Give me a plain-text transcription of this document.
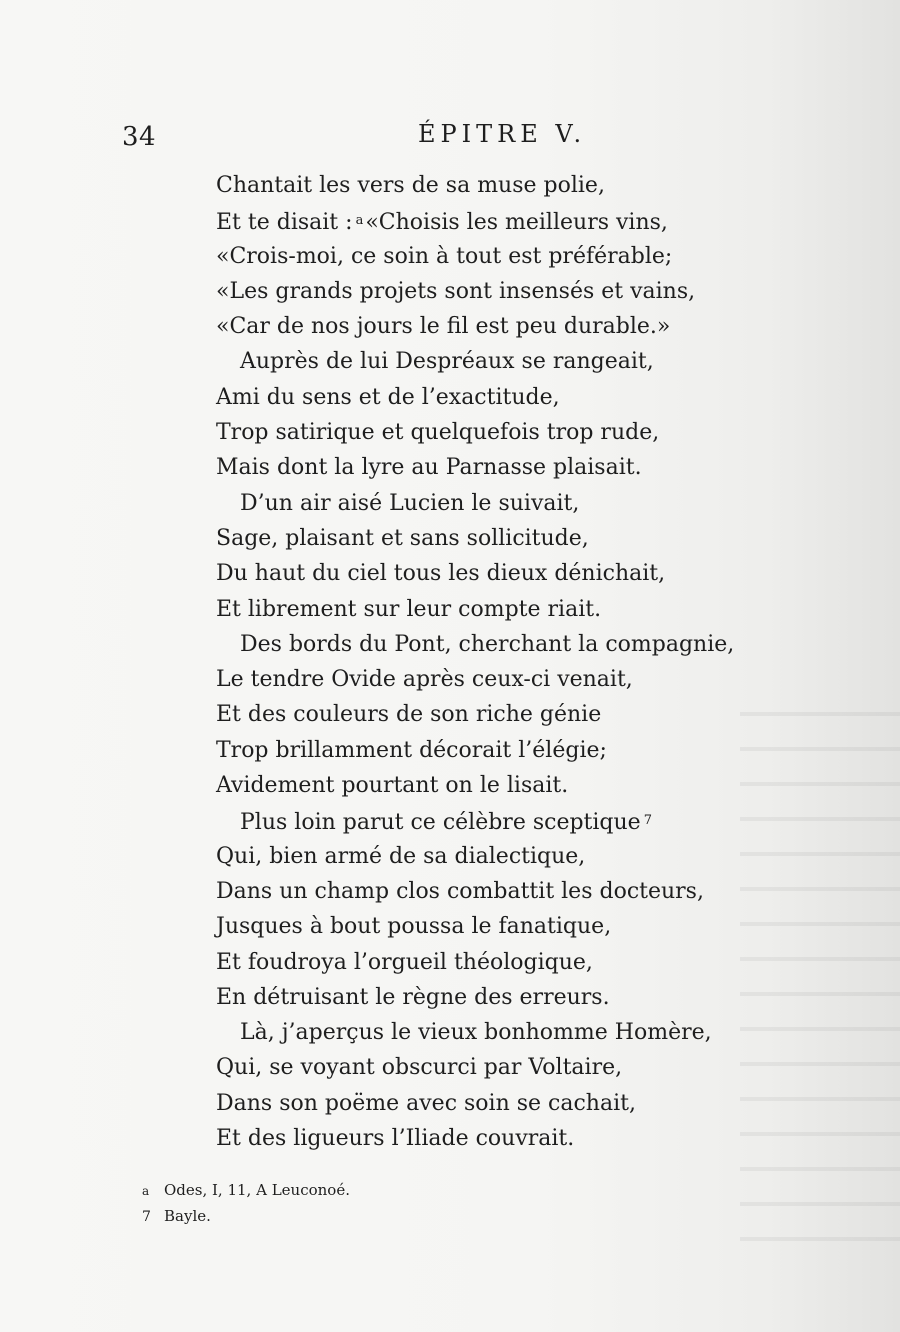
34	ÉPITRE V.
Chantait les vers de sa muse polie,
Et te disait : $^a$«Choisis les meilleurs vins,
«Crois-moi, ce soin à tout est préférable;
«Les grands projets sont insensés et vains,
«Car de nos jours le fil est peu durable.»
Auprès de lui Despréaux se rangeait,
Ami du sens et de l’exactitude,
Trop satirique et quelquefois trop rude,
Mais dont la lyre au Parnasse plaisait.
D’un air aisé Lucien le suivait,
Sage, plaisant et sans sollicitude,
Du haut du ciel tous les dieux dénichait,
Et librement sur leur compte riait.
Des bords du Pont, cherchant la compagnie,
Le tendre Ovide après ceux-ci venait,
Et des couleurs de son riche génie
Trop brillamment décorait l’élégie;
Avidement pourtant on le lisait.
Plus loin parut ce célèbre sceptique $^7$
Qui, bien armé de sa dialectique,
Dans un champ clos combattit les docteurs,
Jusques à bout poussa le fanatique,
Et foudroya l’orgueil théologique,
En détruisant le règne des erreurs.
Là, j’aperçus le vieux bonhomme Homère,
Qui, se voyant obscurci par Voltaire,
Dans son poëme avec soin se cachait,
Et des ligueurs l’Iliade couvrait.
a Odes, I, 11, A Leuconoé.
7 Bayle.
